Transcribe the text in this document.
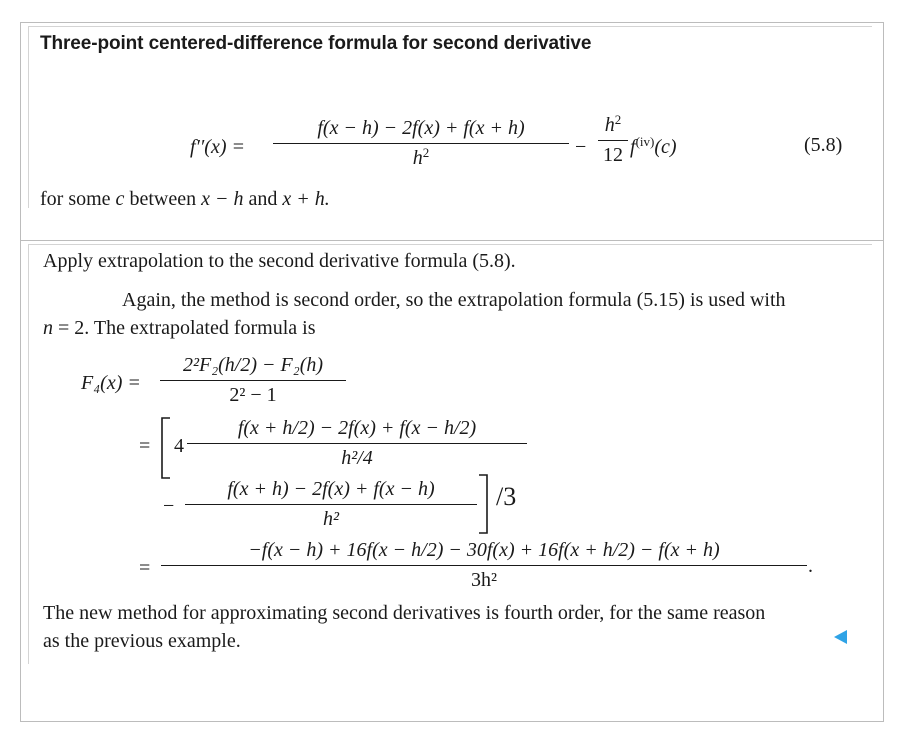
Three-point centered-difference formula for second derivative
f′′(x) =
f(x − h) − 2f(x) + f(x + h)
$h^2$	−
$h^2$
12 $f^{(iv)}(c)$	(5.8)
for some c between x − h and x + h.
Apply extrapolation to the second derivative formula (5.8).
Again, the method is second order, so the extrapolation formula (5.15) is used with
n = 2. The extrapolated formula is
F₄(x) =
2²F₂(h/2) − F₂(h)
2² − 1
= 4
f(x + h/2) − 2f(x) + f(x − h/2)
h²/4
−
f(x + h) − 2f(x) + f(x − h)
h²
/3
=
−f(x − h) + 16f(x − h/2) − 30f(x) + 16f(x + h/2) − f(x + h)
3h²
.
The new method for approximating second derivatives is fourth order, for the same reason
as the previous example.
